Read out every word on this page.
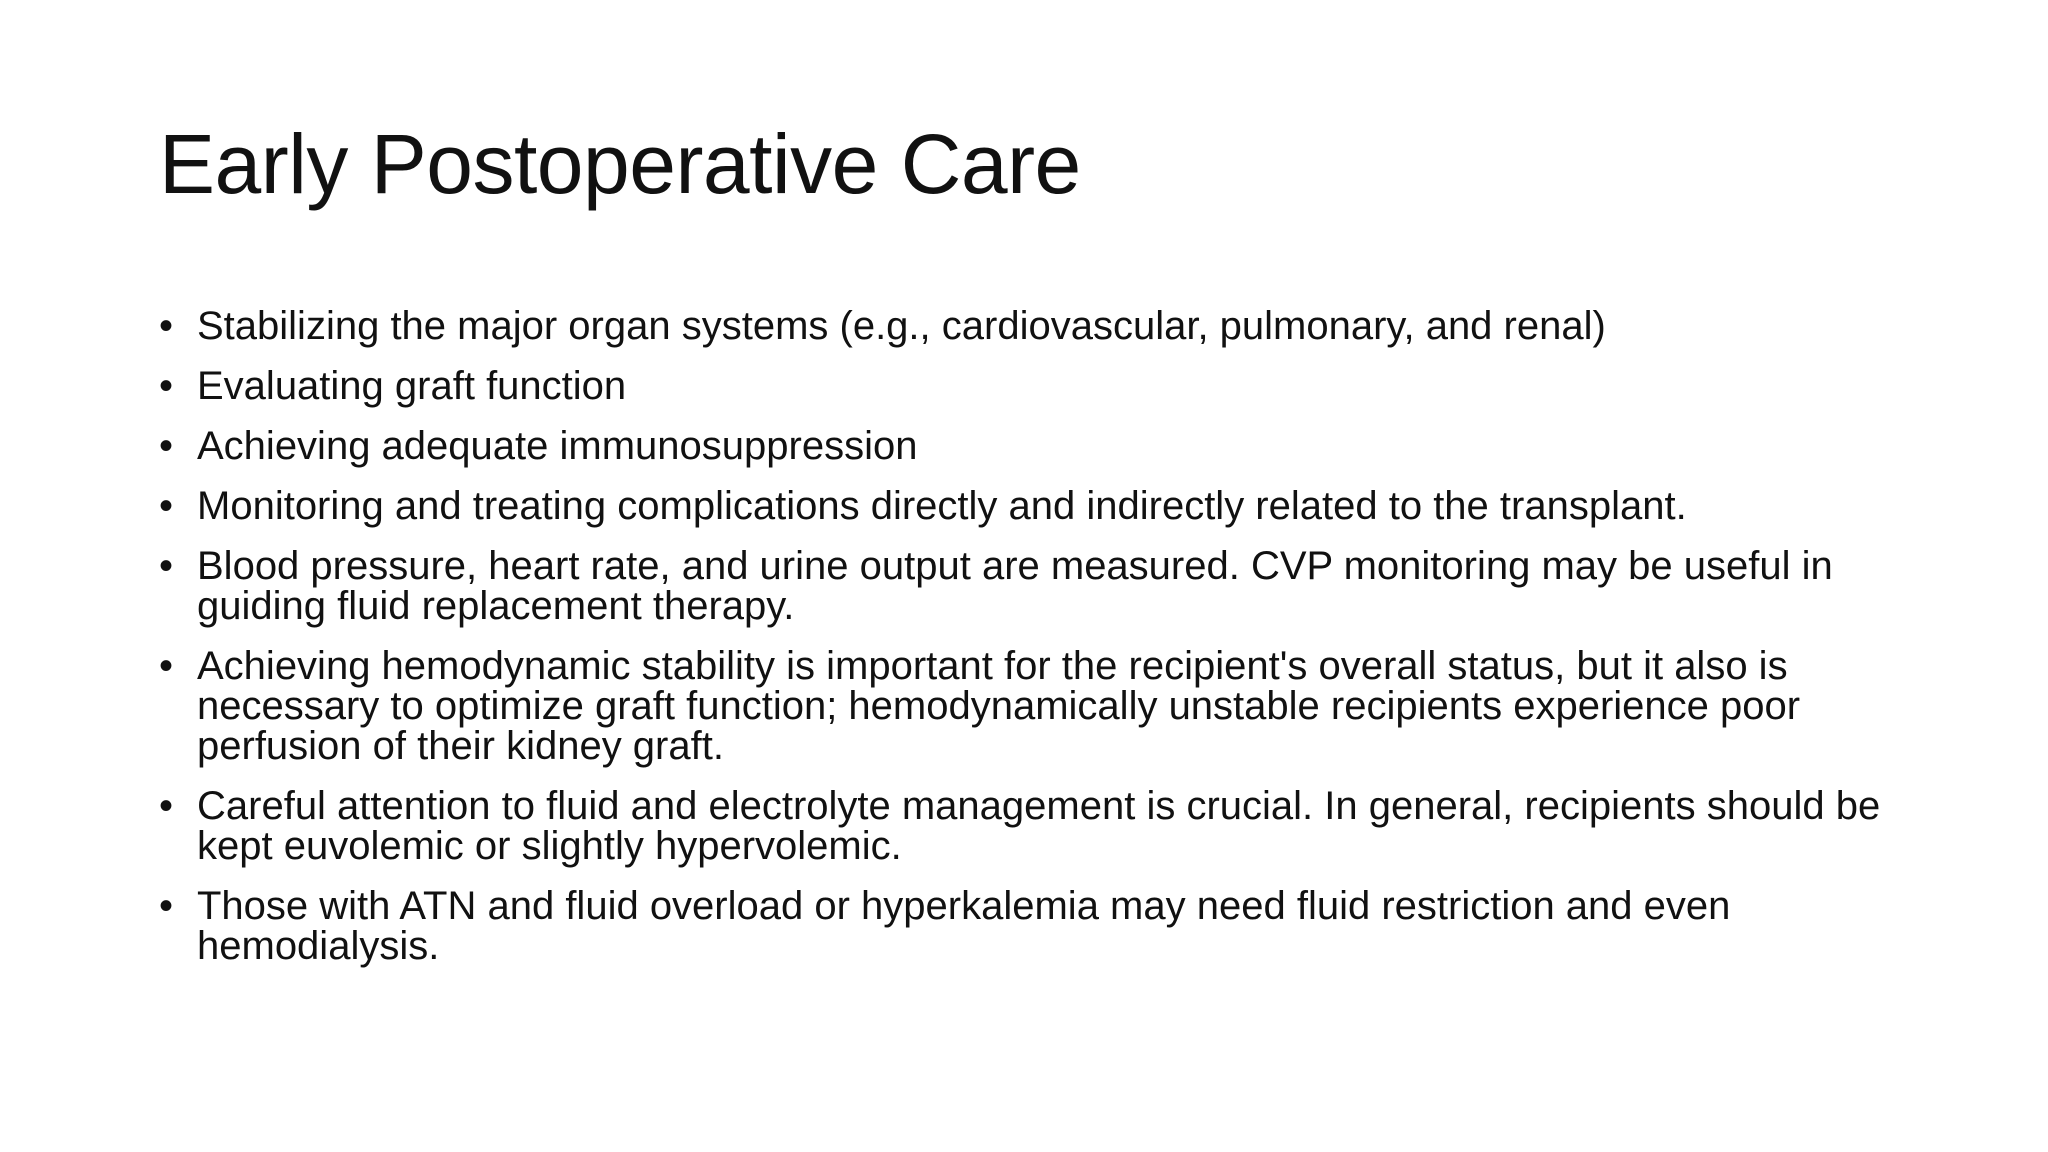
Early Postoperative Care
• Stabilizing the major organ systems (e.g., cardiovascular, pulmonary, and renal)
• Evaluating graft function
• Achieving adequate immunosuppression
• Monitoring and treating complications directly and indirectly related to the transplant.
• Blood pressure, heart rate, and urine output are measured. CVP monitoring may be useful in guiding fluid replacement therapy.
• Achieving hemodynamic stability is important for the recipient's overall status, but it also is necessary to optimize graft function; hemodynamically unstable recipients experience poor perfusion of their kidney graft.
• Careful attention to fluid and electrolyte management is crucial. In general, recipients should be kept euvolemic or slightly hypervolemic.
• Those with ATN and fluid overload or hyperkalemia may need fluid restriction and even hemodialysis.
